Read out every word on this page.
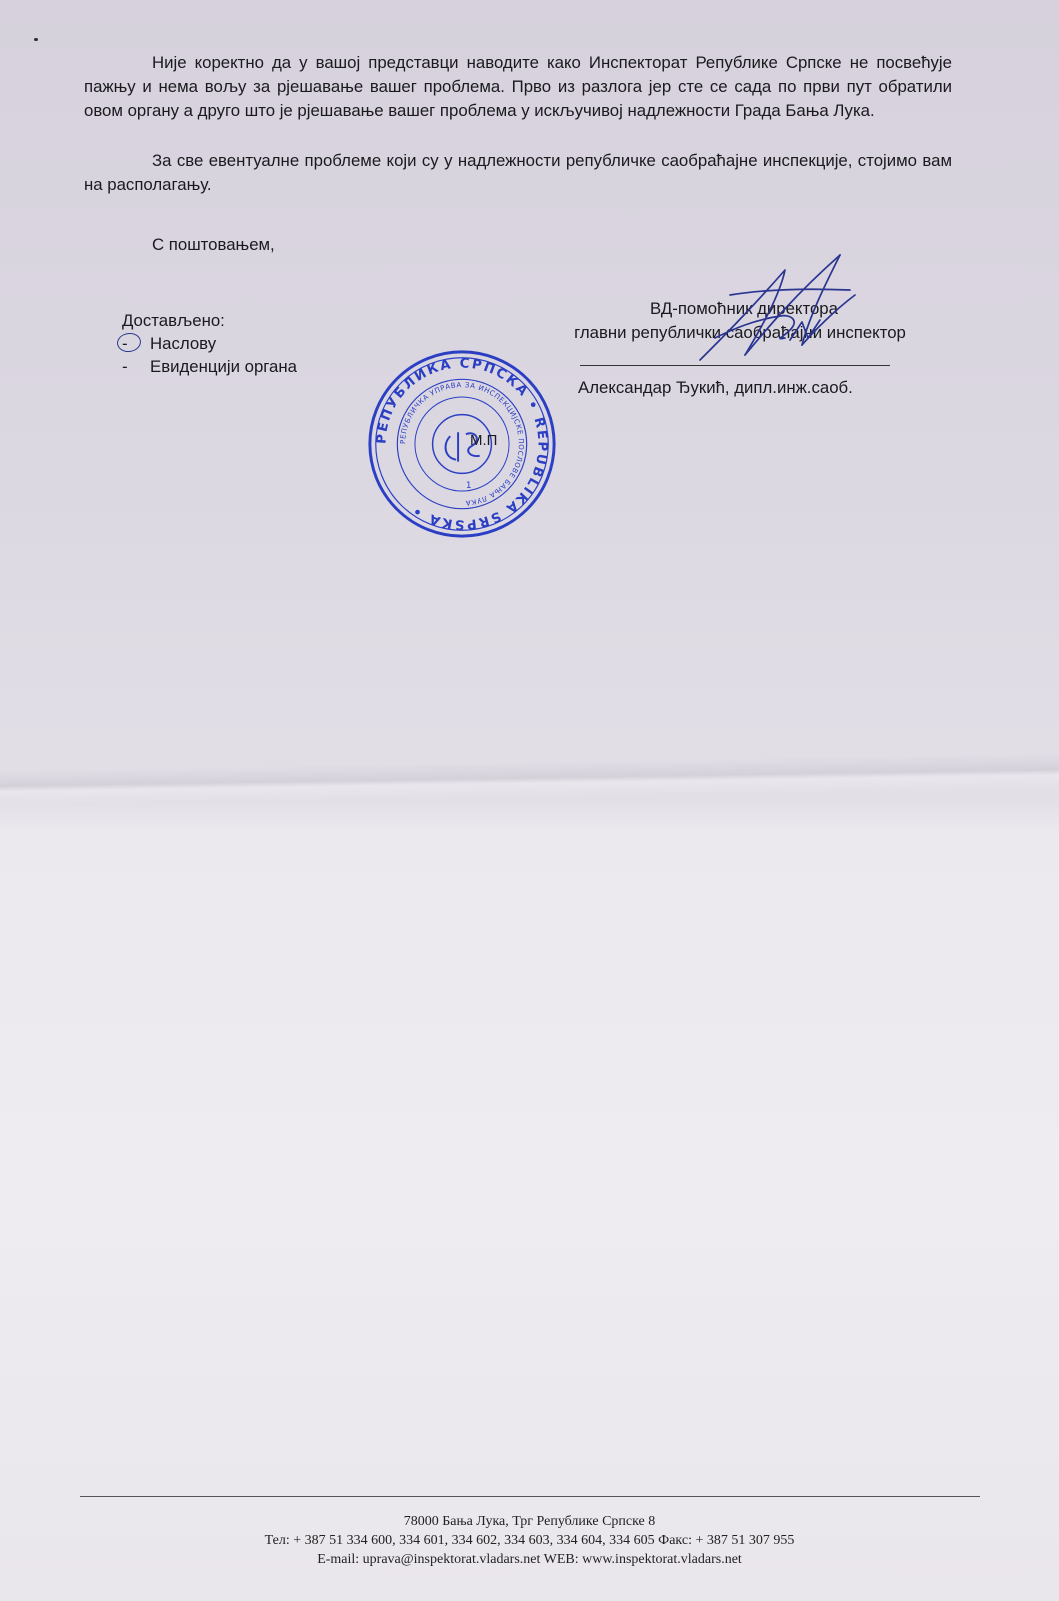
Није коректно да у вашој представци наводите како Инспекторат Републике Српске не посвећује пажњу и нема вољу за рјешавање вашег проблема. Прво из разлога јер сте се сада по први пут обратили овом органу а друго што је рјешавање вашег проблема у искључивој надлежности Града Бања Лука.

За све евентуалне проблеме који су у надлежности републичке саобраћајне инспекције, стојимо вам на располагању.

С поштовањем,
Достављено:
-	Наслову
-	Евиденцији органа
ВД-помоћник директора
главни републички саобраћајни инспектор
Александар Ђукић, дипл.инж.саоб.
РЕПУБЛИКА СРПСКА • REPUBLIKA SRPSKA •
РЕПУБЛИЧКА УПРАВА ЗА ИНСПЕКЦИЈСКЕ ПОСЛОВЕ БАЊА ЛУКА
1
М.П
78000 Бања Лука, Трг Републике Српске 8
Тел: + 387 51 334 600, 334 601, 334 602, 334 603, 334 604, 334 605 Факс: + 387 51 307 955
E-mail: uprava@inspektorat.vladars.net WEB: www.inspektorat.vladars.net
